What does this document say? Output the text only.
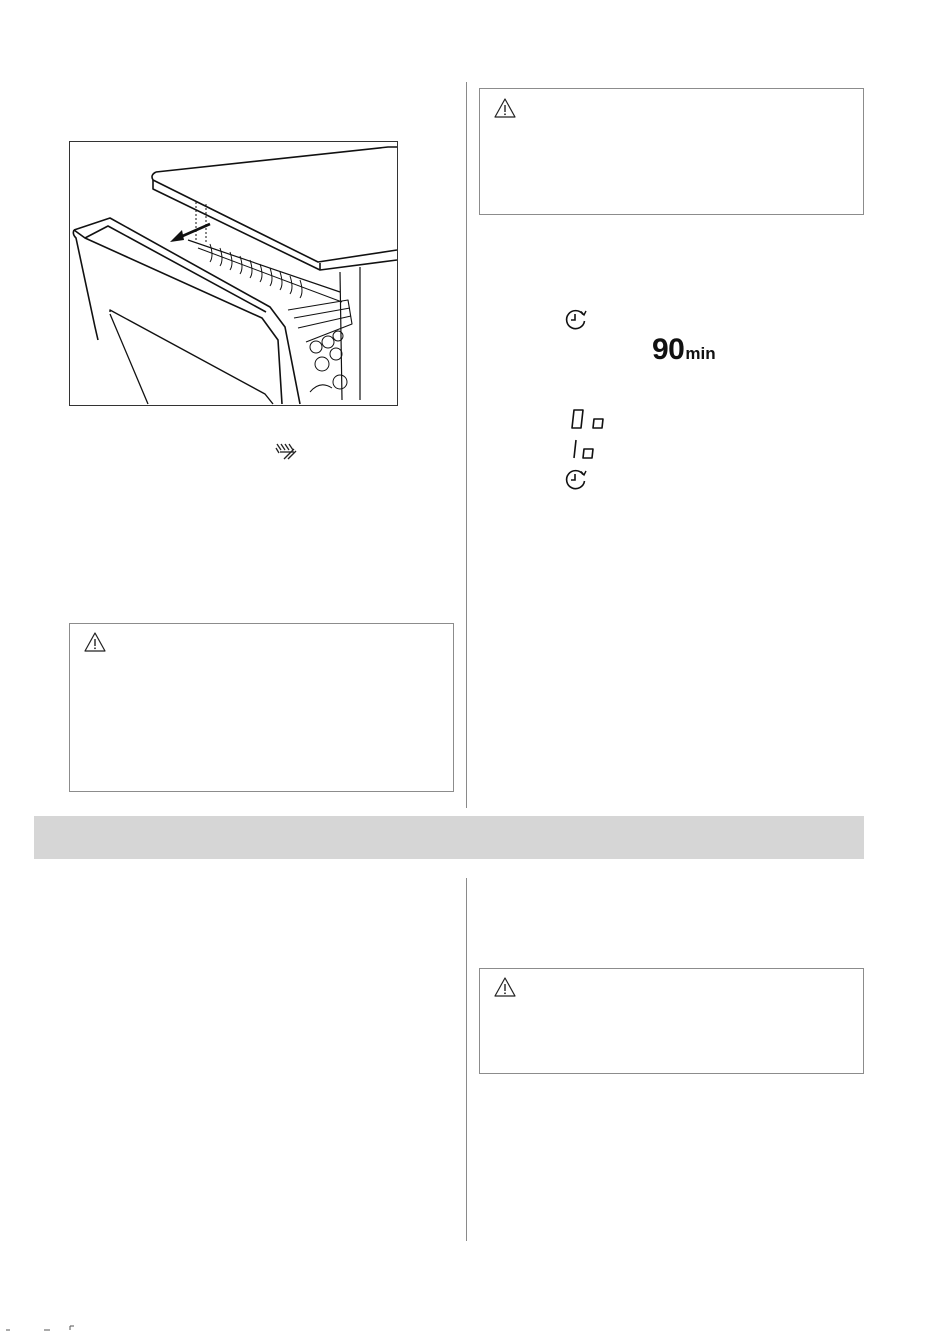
90min
